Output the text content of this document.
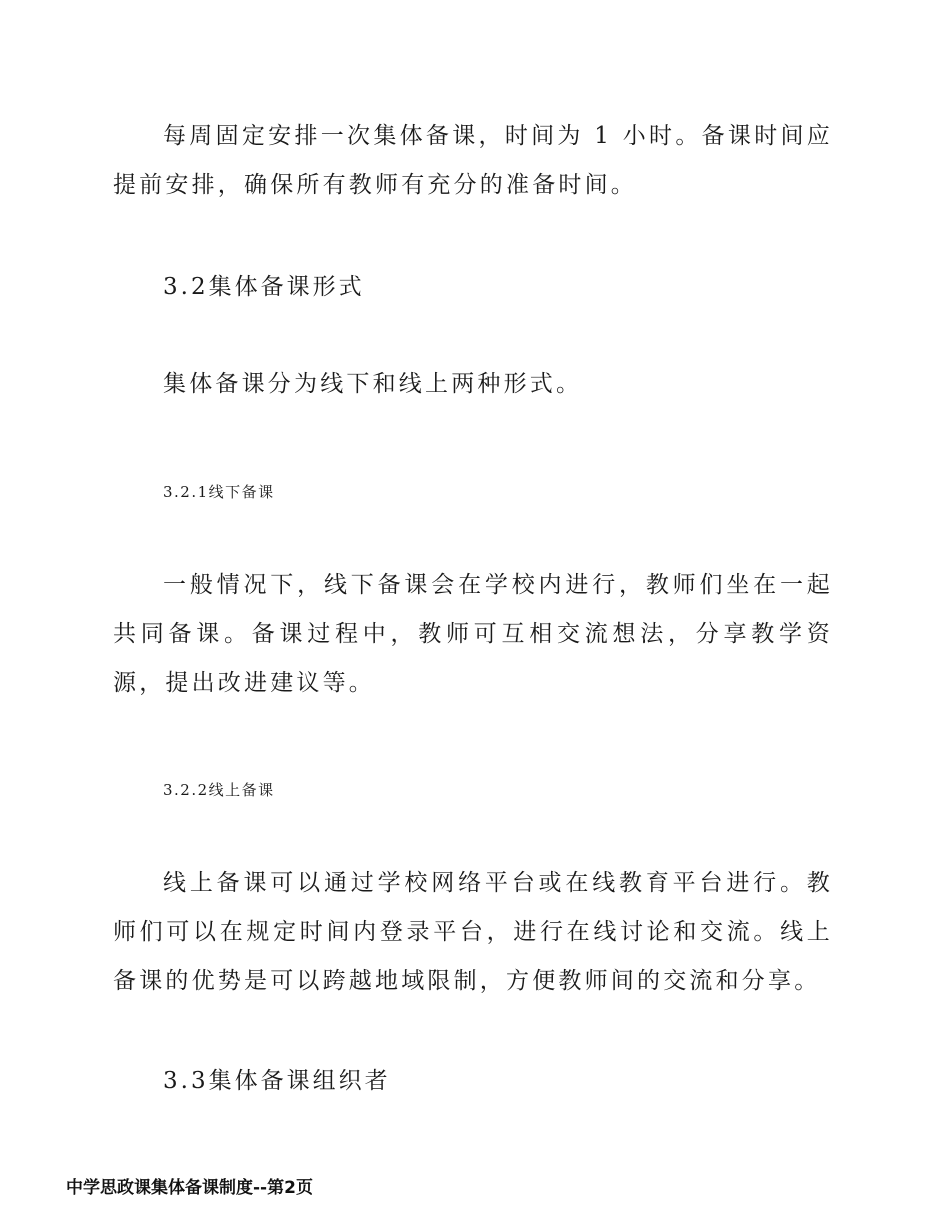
每周固定安排一次集体备课，时间为 1 小时。备课时间应提前安排，确保所有教师有充分的准备时间。

3.2集体备课形式

集体备课分为线下和线上两种形式。

3.2.1线下备课

一般情况下，线下备课会在学校内进行，教师们坐在一起共同备课。备课过程中，教师可互相交流想法，分享教学资源，提出改进建议等。

3.2.2线上备课

线上备课可以通过学校网络平台或在线教育平台进行。教师们可以在规定时间内登录平台，进行在线讨论和交流。线上备课的优势是可以跨越地域限制，方便教师间的交流和分享。

3.3集体备课组织者

中学思政课集体备课制度--第2页
